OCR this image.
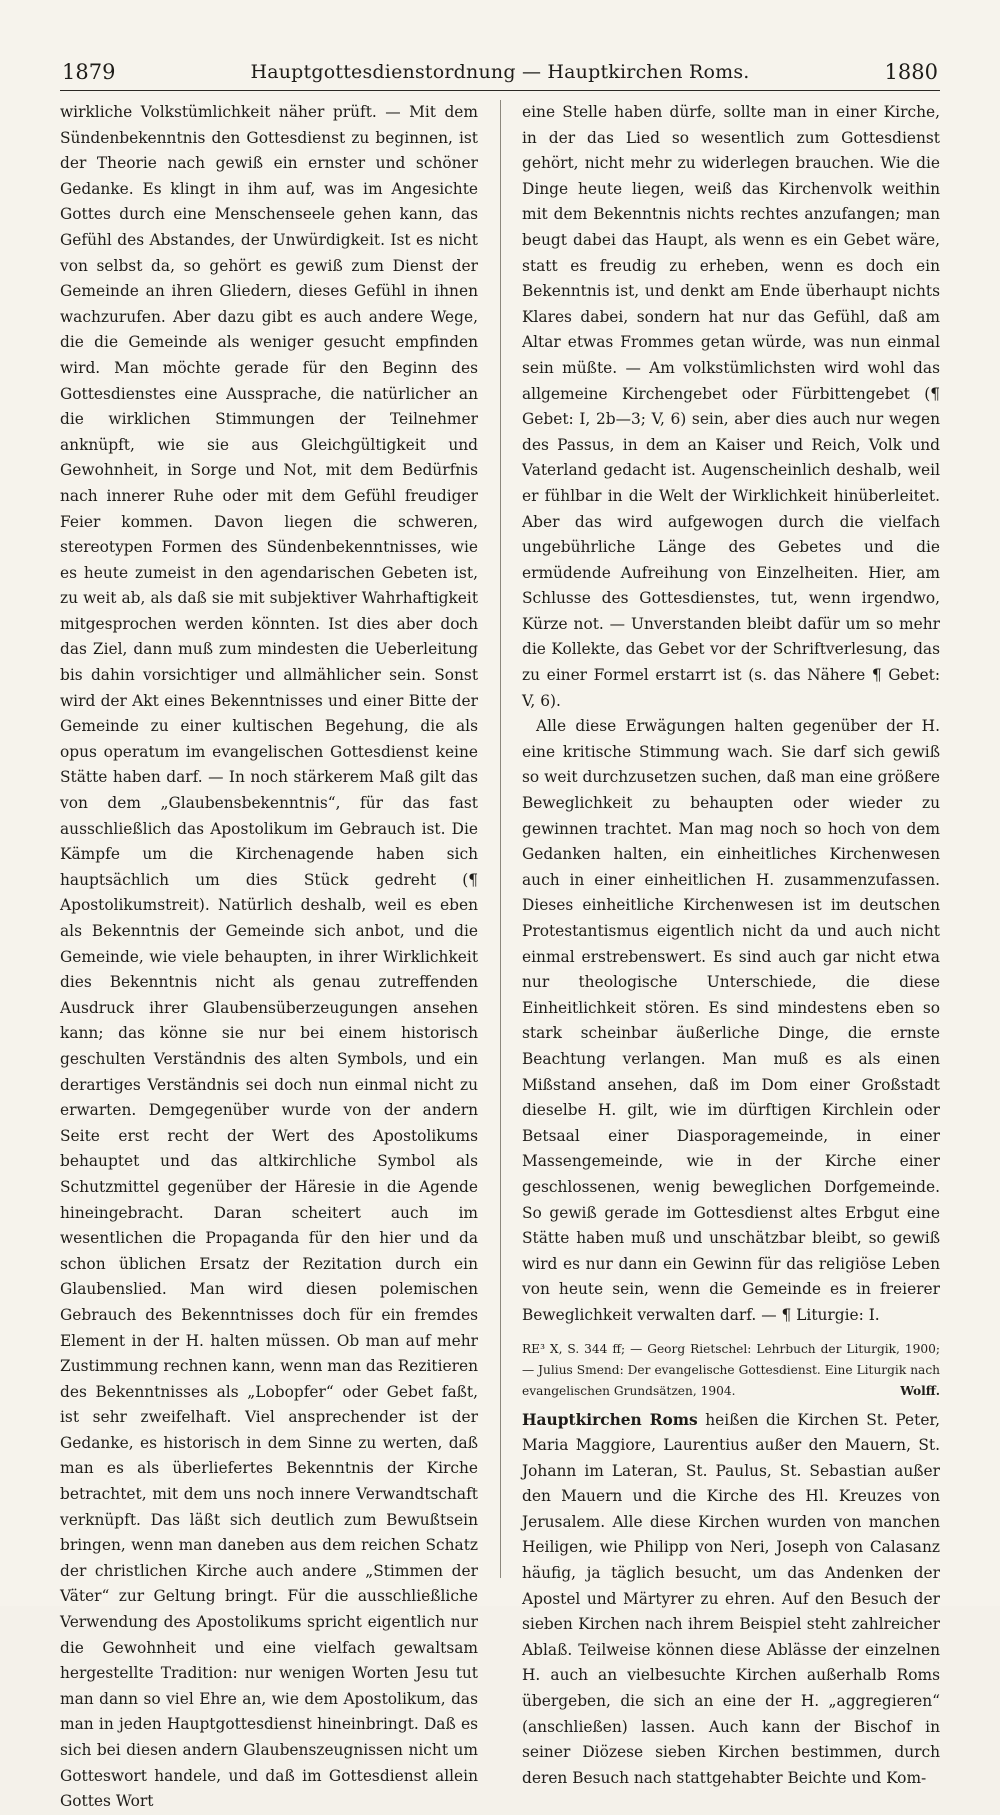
1879	Hauptgottesdienstordnung — Hauptkirchen Roms.	1880

wirkliche Volkstümlichkeit näher prüft. — Mit dem Sündenbekenntnis den Gottesdienst zu beginnen, ist der Theorie nach gewiß ein ernster und schöner Gedanke. Es klingt in ihm auf, was im Angesichte Gottes durch eine Menschenseele gehen kann, das Gefühl des Abstandes, der Unwürdigkeit. Ist es nicht von selbst da, so gehört es gewiß zum Dienst der Gemeinde an ihren Gliedern, dieses Gefühl in ihnen wachzurufen. Aber dazu gibt es auch andere Wege, die die Gemeinde als weniger gesucht empfinden wird. Man möchte gerade für den Beginn des Gottesdienstes eine Aussprache, die natürlicher an die wirklichen Stimmungen der Teilnehmer anknüpft, wie sie aus Gleichgültigkeit und Gewohnheit, in Sorge und Not, mit dem Bedürfnis nach innerer Ruhe oder mit dem Gefühl freudiger Feier kommen. Davon liegen die schweren, stereotypen Formen des Sündenbekenntnisses, wie es heute zumeist in den agendarischen Gebeten ist, zu weit ab, als daß sie mit subjektiver Wahrhaftigkeit mitgesprochen werden könnten. Ist dies aber doch das Ziel, dann muß zum mindesten die Ueberleitung bis dahin vorsichtiger und allmählicher sein. Sonst wird der Akt eines Bekenntnisses und einer Bitte der Gemeinde zu einer kultischen Begehung, die als opus operatum im evangelischen Gottesdienst keine Stätte haben darf. — In noch stärkerem Maß gilt das von dem „Glaubensbekenntnis“, für das fast ausschließlich das Apostolikum im Gebrauch ist. Die Kämpfe um die Kirchenagende haben sich hauptsächlich um dies Stück gedreht (¶ Apostolikumstreit). Natürlich deshalb, weil es eben als Bekenntnis der Gemeinde sich anbot, und die Gemeinde, wie viele behaupten, in ihrer Wirklichkeit dies Bekenntnis nicht als genau zutreffenden Ausdruck ihrer Glaubensüberzeugungen ansehen kann; das könne sie nur bei einem historisch geschulten Verständnis des alten Symbols, und ein derartiges Verständnis sei doch nun einmal nicht zu erwarten. Demgegenüber wurde von der andern Seite erst recht der Wert des Apostolikums behauptet und das altkirchliche Symbol als Schutzmittel gegenüber der Häresie in die Agende hineingebracht. Daran scheitert auch im wesentlichen die Propaganda für den hier und da schon üblichen Ersatz der Rezitation durch ein Glaubenslied. Man wird diesen polemischen Gebrauch des Bekenntnisses doch für ein fremdes Element in der H. halten müssen. Ob man auf mehr Zustimmung rechnen kann, wenn man das Rezitieren des Bekenntnisses als „Lobopfer“ oder Gebet faßt, ist sehr zweifelhaft. Viel ansprechender ist der Gedanke, es historisch in dem Sinne zu werten, daß man es als überliefertes Bekenntnis der Kirche betrachtet, mit dem uns noch innere Verwandtschaft verknüpft. Das läßt sich deutlich zum Bewußtsein bringen, wenn man daneben aus dem reichen Schatz der christlichen Kirche auch andere „Stimmen der Väter“ zur Geltung bringt. Für die ausschließliche Verwendung des Apostolikums spricht eigentlich nur die Gewohnheit und eine vielfach gewaltsam hergestellte Tradition: nur wenigen Worten Jesu tut man dann so viel Ehre an, wie dem Apostolikum, das man in jeden Hauptgottesdienst hineinbringt. Daß es sich bei diesen andern Glaubenszeugnissen nicht um Gotteswort handele, und daß im Gottesdienst allein Gottes Wort

eine Stelle haben dürfe, sollte man in einer Kirche, in der das Lied so wesentlich zum Gottesdienst gehört, nicht mehr zu widerlegen brauchen. Wie die Dinge heute liegen, weiß das Kirchenvolk weithin mit dem Bekenntnis nichts rechtes anzufangen; man beugt dabei das Haupt, als wenn es ein Gebet wäre, statt es freudig zu erheben, wenn es doch ein Bekenntnis ist, und denkt am Ende überhaupt nichts Klares dabei, sondern hat nur das Gefühl, daß am Altar etwas Frommes getan würde, was nun einmal sein müßte. — Am volkstümlichsten wird wohl das allgemeine Kirchengebet oder Fürbittengebet (¶ Gebet: I, 2b—3; V, 6) sein, aber dies auch nur wegen des Passus, in dem an Kaiser und Reich, Volk und Vaterland gedacht ist. Augenscheinlich deshalb, weil er fühlbar in die Welt der Wirklichkeit hinüberleitet. Aber das wird aufgewogen durch die vielfach ungebührliche Länge des Gebetes und die ermüdende Aufreihung von Einzelheiten. Hier, am Schlusse des Gottesdienstes, tut, wenn irgendwo, Kürze not. — Unverstanden bleibt dafür um so mehr die Kollekte, das Gebet vor der Schriftverlesung, das zu einer Formel erstarrt ist (s. das Nähere ¶ Gebet: V, 6).

Alle diese Erwägungen halten gegenüber der H. eine kritische Stimmung wach. Sie darf sich gewiß so weit durchzusetzen suchen, daß man eine größere Beweglichkeit zu behaupten oder wieder zu gewinnen trachtet. Man mag noch so hoch von dem Gedanken halten, ein einheitliches Kirchenwesen auch in einer einheitlichen H. zusammenzufassen. Dieses einheitliche Kirchenwesen ist im deutschen Protestantismus eigentlich nicht da und auch nicht einmal erstrebenswert. Es sind auch gar nicht etwa nur theologische Unterschiede, die diese Einheitlichkeit stören. Es sind mindestens eben so stark scheinbar äußerliche Dinge, die ernste Beachtung verlangen. Man muß es als einen Mißstand ansehen, daß im Dom einer Großstadt dieselbe H. gilt, wie im dürftigen Kirchlein oder Betsaal einer Diasporagemeinde, in einer Massengemeinde, wie in der Kirche einer geschlossenen, wenig beweglichen Dorfgemeinde. So gewiß gerade im Gottesdienst altes Erbgut eine Stätte haben muß und unschätzbar bleibt, so gewiß wird es nur dann ein Gewinn für das religiöse Leben von heute sein, wenn die Gemeinde es in freierer Beweglichkeit verwalten darf. — ¶ Liturgie: I.

RE³ X, S. 344 ff; — Georg Rietschel: Lehrbuch der Liturgik, 1900; — Julius Smend: Der evangelische Gottesdienst. Eine Liturgik nach evangelischen Grundsätzen, 1904.	Wolff.

Hauptkirchen Roms heißen die Kirchen St. Peter, Maria Maggiore, Laurentius außer den Mauern, St. Johann im Lateran, St. Paulus, St. Sebastian außer den Mauern und die Kirche des Hl. Kreuzes von Jerusalem. Alle diese Kirchen wurden von manchen Heiligen, wie Philipp von Neri, Joseph von Calasanz häufig, ja täglich besucht, um das Andenken der Apostel und Märtyrer zu ehren. Auf den Besuch der sieben Kirchen nach ihrem Beispiel steht zahlreicher Ablaß. Teilweise können diese Ablässe der einzelnen H. auch an vielbesuchte Kirchen außerhalb Roms übergeben, die sich an eine der H. „aggregieren“ (anschließen) lassen. Auch kann der Bischof in seiner Diözese sieben Kirchen bestimmen, durch deren Besuch nach stattgehabter Beichte und Kom-
